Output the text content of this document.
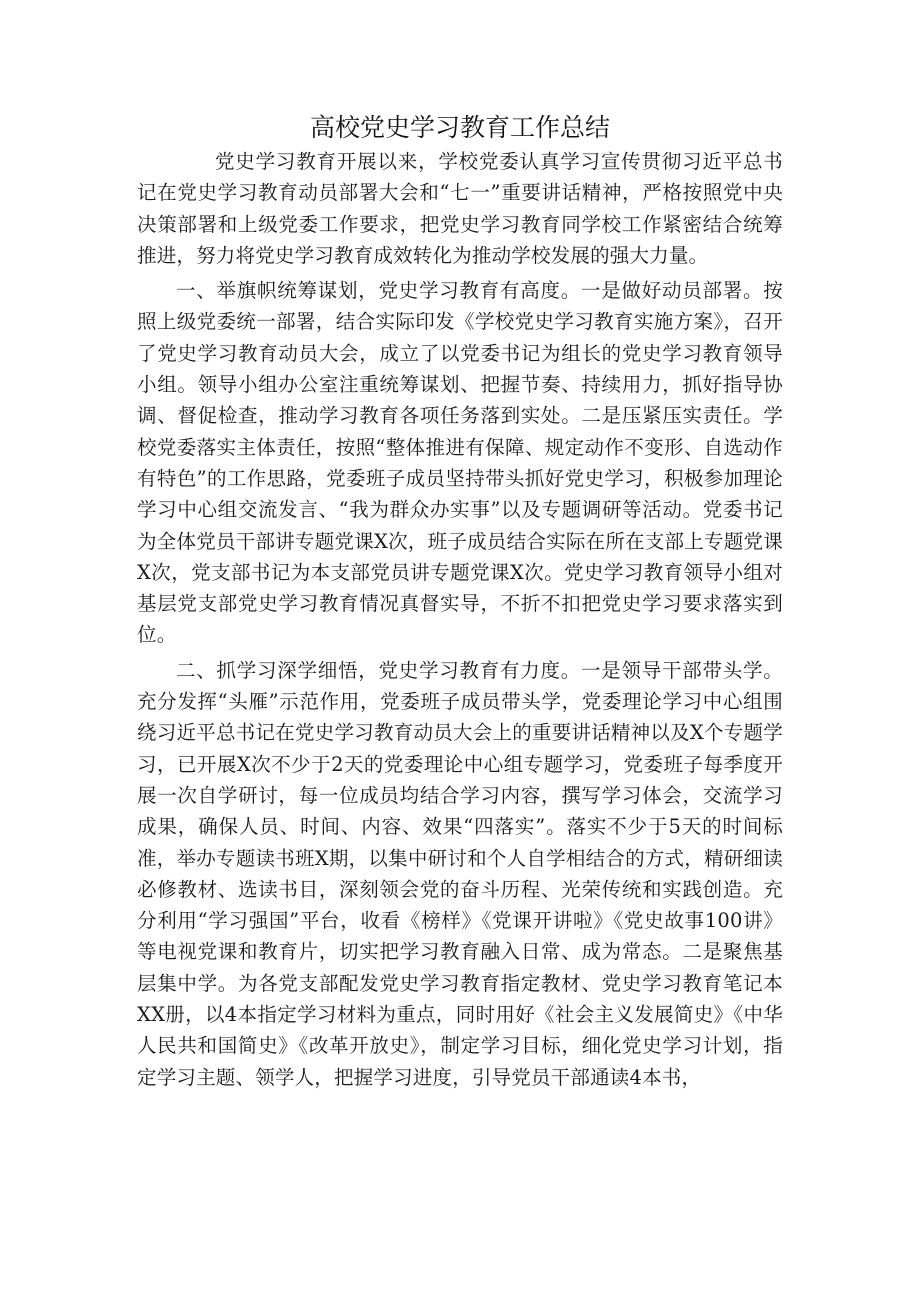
高校党史学习教育工作总结

党史学习教育开展以来，学校党委认真学习宣传贯彻习近平总书记在党史学习教育动员部署大会和“七一”重要讲话精神，严格按照党中央决策部署和上级党委工作要求，把党史学习教育同学校工作紧密结合统筹推进，努力将党史学习教育成效转化为推动学校发展的强大力量。

一、举旗帜统筹谋划，党史学习教育有高度。一是做好动员部署。按照上级党委统一部署，结合实际印发《学校党史学习教育实施方案》，召开了党史学习教育动员大会，成立了以党委书记为组长的党史学习教育领导小组。领导小组办公室注重统筹谋划、把握节奏、持续用力，抓好指导协调、督促检查，推动学习教育各项任务落到实处。二是压紧压实责任。学校党委落实主体责任，按照“整体推进有保障、规定动作不变形、自选动作有特色”的工作思路，党委班子成员坚持带头抓好党史学习，积极参加理论学习中心组交流发言、“我为群众办实事”以及专题调研等活动。党委书记为全体党员干部讲专题党课X次，班子成员结合实际在所在支部上专题党课X次，党支部书记为本支部党员讲专题党课X次。党史学习教育领导小组对基层党支部党史学习教育情况真督实导，不折不扣把党史学习要求落实到位。

二、抓学习深学细悟，党史学习教育有力度。一是领导干部带头学。充分发挥“头雁”示范作用，党委班子成员带头学，党委理论学习中心组围绕习近平总书记在党史学习教育动员大会上的重要讲话精神以及X个专题学习，已开展X次不少于2天的党委理论中心组专题学习，党委班子每季度开展一次自学研讨，每一位成员均结合学习内容，撰写学习体会，交流学习成果，确保人员、时间、内容、效果“四落实”。落实不少于5天的时间标准，举办专题读书班X期，以集中研讨和个人自学相结合的方式，精研细读必修教材、选读书目，深刻领会党的奋斗历程、光荣传统和实践创造。充分利用“学习强国”平台，收看《榜样》《党课开讲啦》《党史故事100讲》等电视党课和教育片，切实把学习教育融入日常、成为常态。二是聚焦基层集中学。为各党支部配发党史学习教育指定教材、党史学习教育笔记本XX册，以4本指定学习材料为重点，同时用好《社会主义发展简史》《中华人民共和国简史》《改革开放史》，制定学习目标，细化党史学习计划，指定学习主题、领学人，把握学习进度，引导党员干部通读4本书，
